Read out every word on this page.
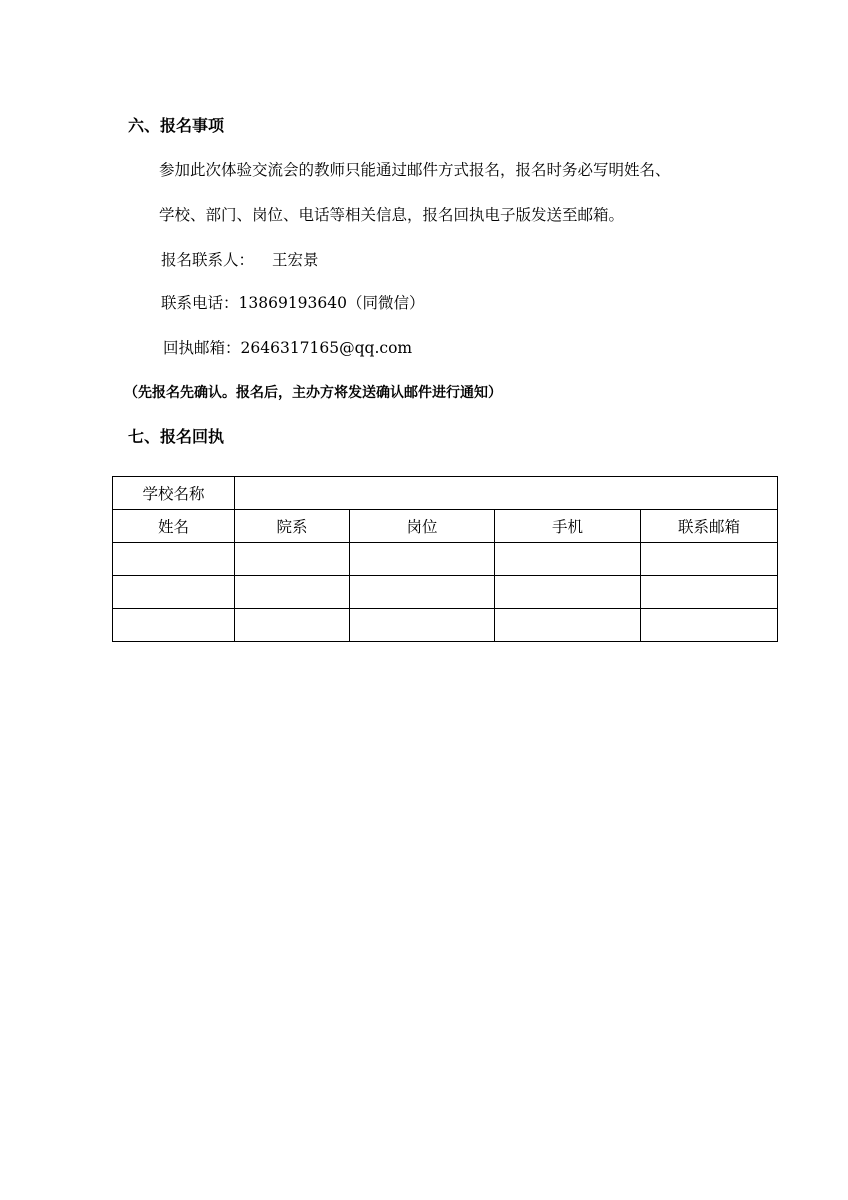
六、报名事项
参加此次体验交流会的教师只能通过邮件方式报名，报名时务必写明姓名、
学校、部门、岗位、电话等相关信息，报名回执电子版发送至邮箱。
报名联系人： 王宏景
联系电话：13869193640（同微信）
回执邮箱：2646317165@qq.com
（先报名先确认。报名后，主办方将发送确认邮件进行通知）
七、报名回执
学校名称				
姓名	院系	岗位	手机	联系邮箱
